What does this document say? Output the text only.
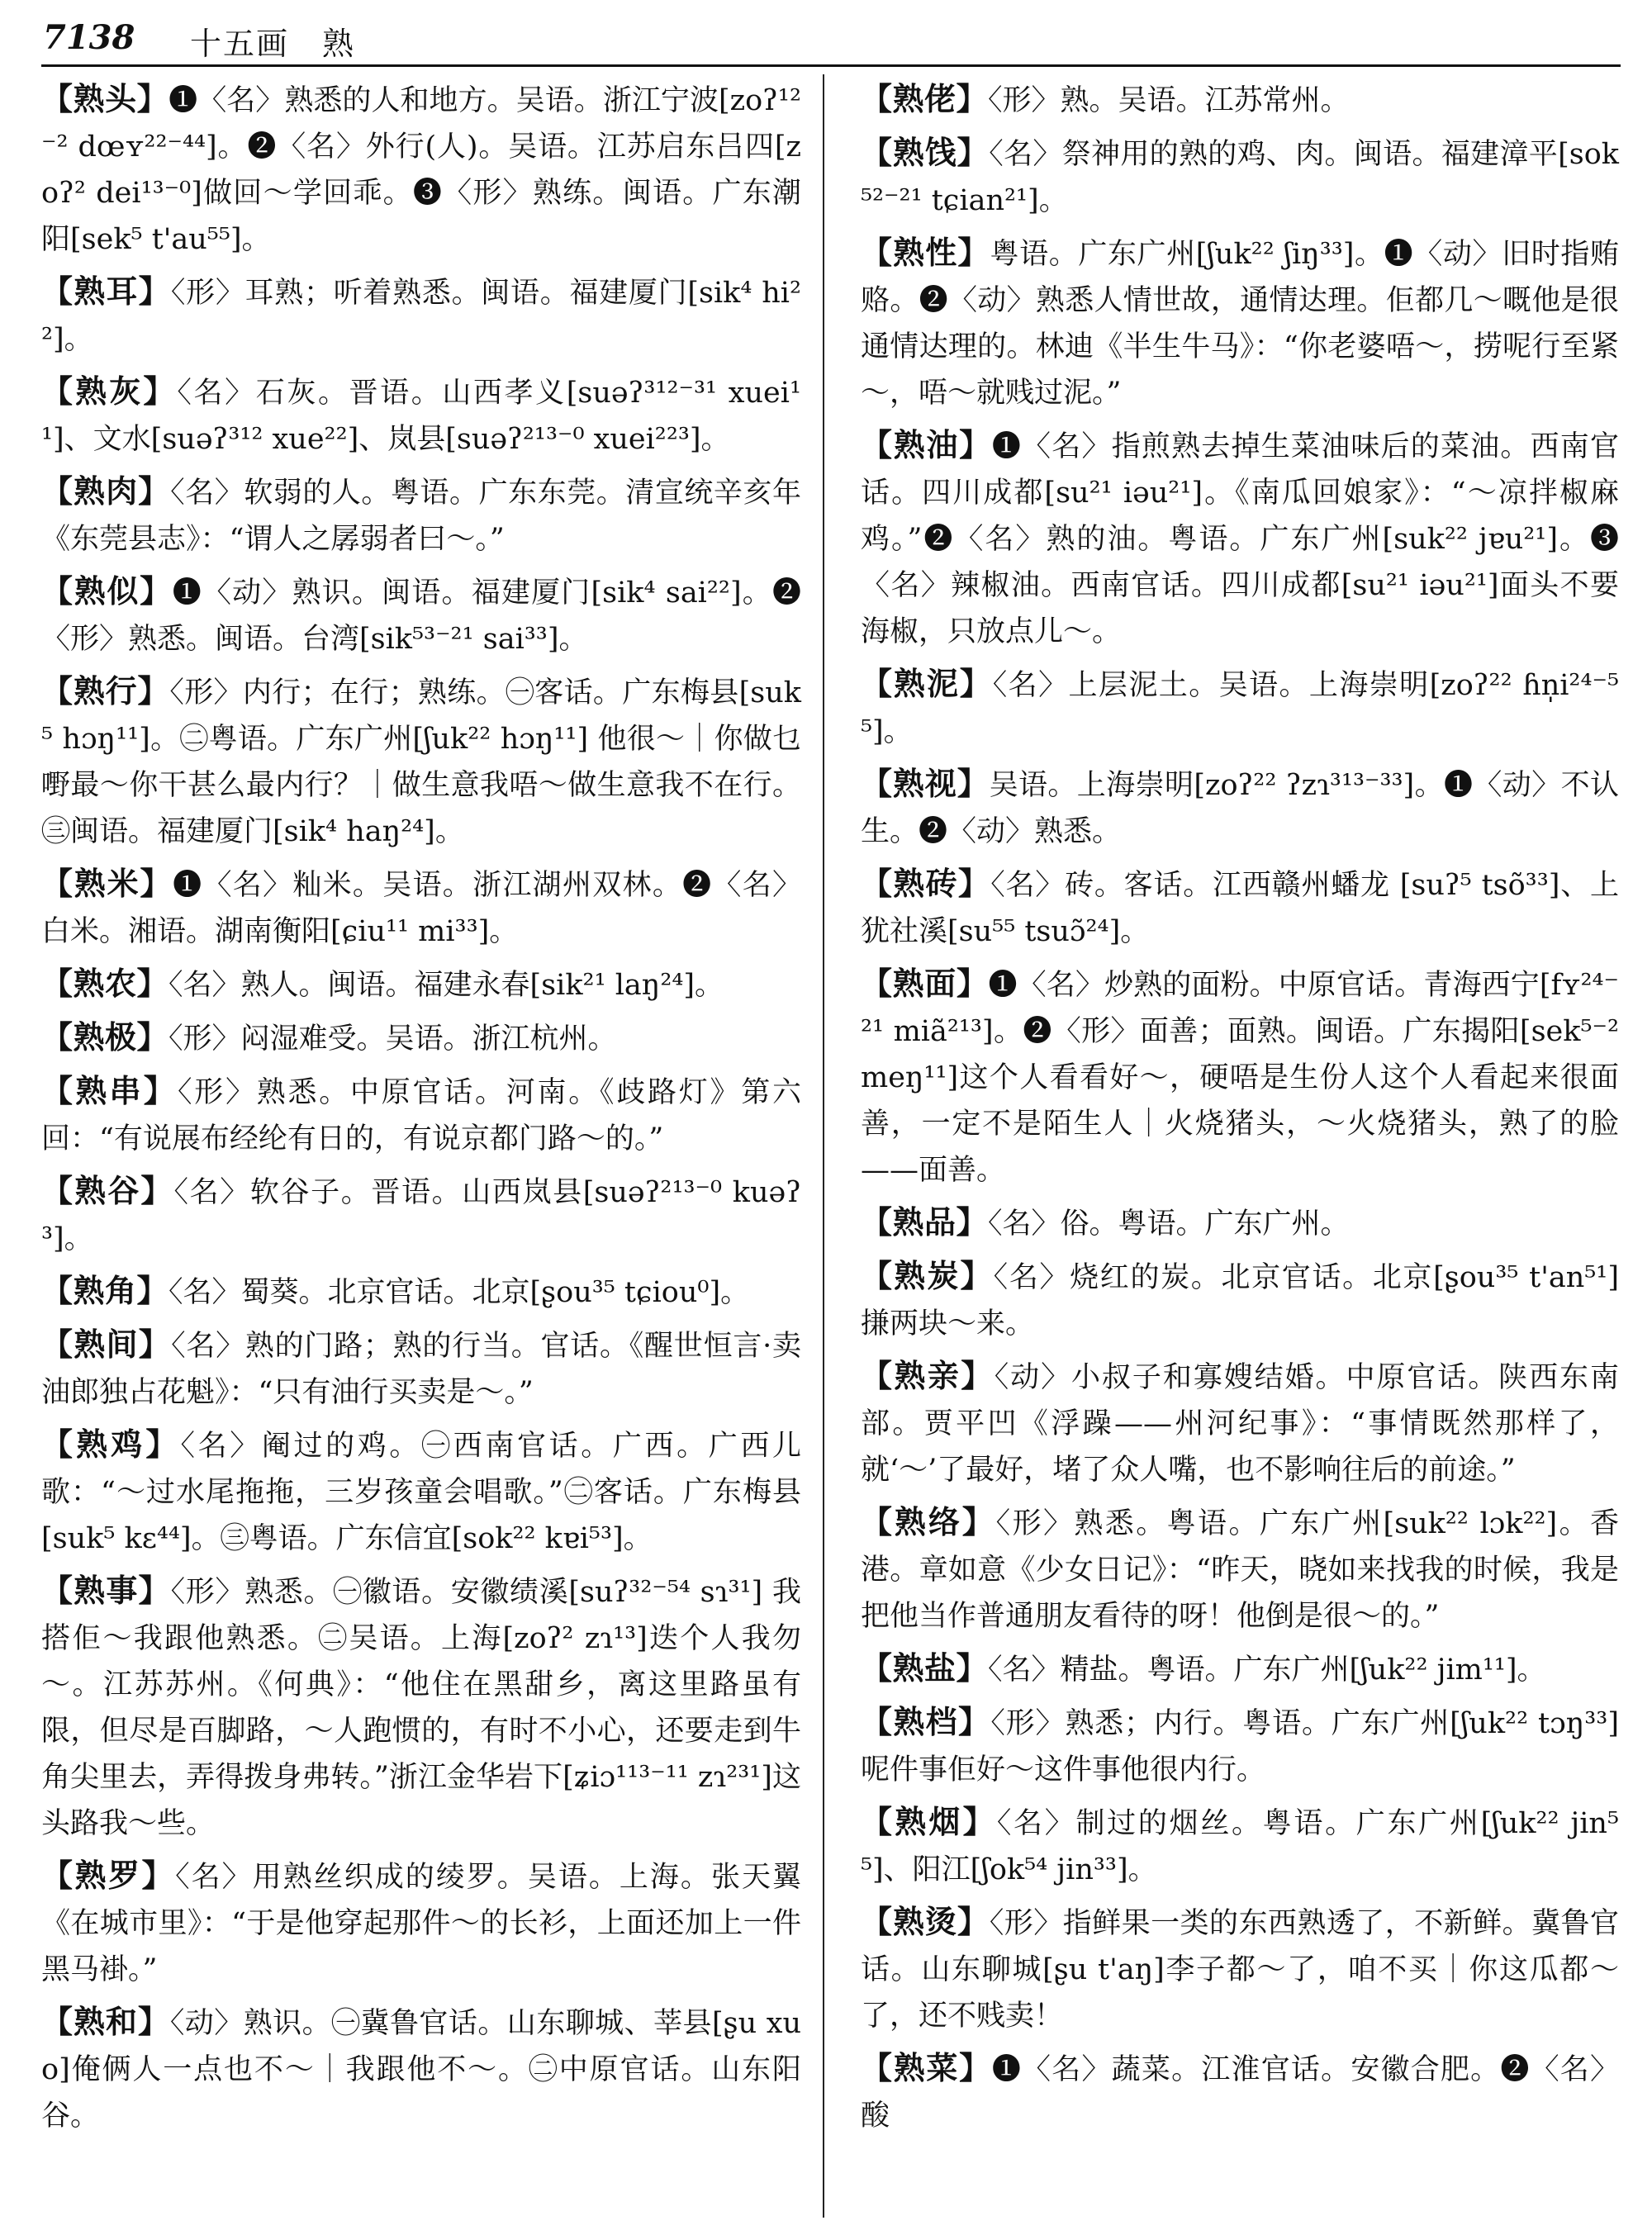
7138 十五画　熟
【熟头】❶〈名〉熟悉的人和地方。吴语。浙江宁波[zoʔ¹²⁻² dœʏ²²⁻⁴⁴]。❷〈名〉外行(人)。吴语。江苏启东吕四[zoʔ² dei¹³⁻⁰]做回～学回乖。❸〈形〉熟练。闽语。广东潮阳[sek⁵ t'au⁵⁵]。
【熟耳】〈形〉耳熟；听着熟悉。闽语。福建厦门[sik⁴ hi²²]。
【熟灰】〈名〉石灰。晋语。山西孝义[suəʔ³¹²⁻³¹ xuei¹¹]、文水[suəʔ³¹² xue²²]、岚县[suəʔ²¹³⁻⁰ xuei²²³]。
【熟肉】〈名〉软弱的人。粤语。广东东莞。清宣统辛亥年《东莞县志》：“谓人之孱弱者曰～。”
【熟似】❶〈动〉熟识。闽语。福建厦门[sik⁴ sai²²]。❷〈形〉熟悉。闽语。台湾[sik⁵³⁻²¹ sai³³]。
【熟行】〈形〉内行；在行；熟练。㊀客话。广东梅县[suk⁵ hɔŋ¹¹]。㊁粤语。广东广州[ʃuk²² hɔŋ¹¹] 他很～｜你做乜嘢最～你干甚么最内行？｜做生意我唔～做生意我不在行。㊂闽语。福建厦门[sik⁴ haŋ²⁴]。
【熟米】❶〈名〉籼米。吴语。浙江湖州双林。❷〈名〉白米。湘语。湖南衡阳[ɕiu¹¹ mi³³]。
【熟农】〈名〉熟人。闽语。福建永春[sik²¹ laŋ²⁴]。
【熟极】〈形〉闷湿难受。吴语。浙江杭州。
【熟串】〈形〉熟悉。中原官话。河南。《歧路灯》第六回：“有说展布经纶有日的，有说京都门路～的。”
【熟谷】〈名〉软谷子。晋语。山西岚县[suəʔ²¹³⁻⁰ kuəʔ³]。
【熟角】〈名〉蜀葵。北京官话。北京[ʂou³⁵ tɕiou⁰]。
【熟间】〈名〉熟的门路；熟的行当。官话。《醒世恒言·卖油郎独占花魁》：“只有油行买卖是～。”
【熟鸡】〈名〉阉过的鸡。㊀西南官话。广西。广西儿歌：“～过水尾拖拖，三岁孩童会唱歌。”㊁客话。广东梅县[suk⁵ kɛ⁴⁴]。㊂粤语。广东信宜[sok²² kɐi⁵³]。
【熟事】〈形〉熟悉。㊀徽语。安徽绩溪[suʔ³²⁻⁵⁴ sɿ³¹] 我搭佢～我跟他熟悉。㊁吴语。上海[zoʔ² zɿ¹³]迭个人我勿～。江苏苏州。《何典》：“他住在黑甜乡，离这里路虽有限，但尽是百脚路，～人跑惯的，有时不小心，还要走到牛角尖里去，弄得拨身弗转。”浙江金华岩下[ʑiɔ¹¹³⁻¹¹ zɿ²³¹]这头路我～些。
【熟罗】〈名〉用熟丝织成的绫罗。吴语。上海。张天翼《在城市里》：“于是他穿起那件～的长衫，上面还加上一件黑马褂。”
【熟和】〈动〉熟识。㊀冀鲁官话。山东聊城、莘县[ʂu xuo]俺俩人一点也不～｜我跟他不～。㊁中原官话。山东阳谷。
【熟佬】〈形〉熟。吴语。江苏常州。
【熟饯】〈名〉祭神用的熟的鸡、肉。闽语。福建漳平[sok⁵²⁻²¹ tɕian²¹]。
【熟性】粤语。广东广州[ʃuk²² ʃiŋ³³]。❶〈动〉旧时指贿赂。❷〈动〉熟悉人情世故，通情达理。佢都几～嘅他是很通情达理的。林迪《半生牛马》：“你老婆唔～，捞呢行至紧～，唔～就贱过泥。”
【熟油】❶〈名〉指煎熟去掉生菜油味后的菜油。西南官话。四川成都[su²¹ iəu²¹]。《南瓜回娘家》：“～凉拌椒麻鸡。”❷〈名〉熟的油。粤语。广东广州[suk²² jɐu²¹]。❸〈名〉辣椒油。西南官话。四川成都[su²¹ iəu²¹]面头不要海椒，只放点儿～。
【熟泥】〈名〉上层泥土。吴语。上海崇明[zoʔ²² ɦn̩i²⁴⁻⁵⁵]。
【熟视】吴语。上海崇明[zoʔ²² ʔzɿ³¹³⁻³³]。❶〈动〉不认生。❷〈动〉熟悉。
【熟砖】〈名〉砖。客话。江西赣州蟠龙 [suʔ⁵ tsõ³³]、上犹社溪[su⁵⁵ tsuɔ̃²⁴]。
【熟面】❶〈名〉炒熟的面粉。中原官话。青海西宁[fʏ²⁴⁻²¹ miã²¹³]。❷〈形〉面善；面熟。闽语。广东揭阳[sek⁵⁻² meŋ¹¹]这个人看看好～，硬唔是生份人这个人看起来很面善，一定不是陌生人｜火烧猪头，～火烧猪头，熟了的脸——面善。
【熟品】〈名〉俗。粤语。广东广州。
【熟炭】〈名〉烧红的炭。北京官话。北京[ʂou³⁵ t'an⁵¹]搛两块～来。
【熟亲】〈动〉小叔子和寡嫂结婚。中原官话。陕西东南部。贾平凹《浮躁——州河纪事》：“事情既然那样了，就‘～’了最好，堵了众人嘴，也不影响往后的前途。”
【熟络】〈形〉熟悉。粤语。广东广州[suk²² lɔk²²]。香港。章如意《少女日记》：“昨天，晓如来找我的时候，我是把他当作普通朋友看待的呀！他倒是很～的。”
【熟盐】〈名〉精盐。粤语。广东广州[ʃuk²² jim¹¹]。
【熟档】〈形〉熟悉；内行。粤语。广东广州[ʃuk²² tɔŋ³³]呢件事佢好～这件事他很内行。
【熟烟】〈名〉制过的烟丝。粤语。广东广州[ʃuk²² jin⁵⁵]、阳江[ʃok⁵⁴ jin³³]。
【熟烫】〈形〉指鲜果一类的东西熟透了，不新鲜。冀鲁官话。山东聊城[ʂu t'aŋ]李子都～了，咱不买｜你这瓜都～了，还不贱卖！
【熟菜】❶〈名〉蔬菜。江淮官话。安徽合肥。❷〈名〉酸
